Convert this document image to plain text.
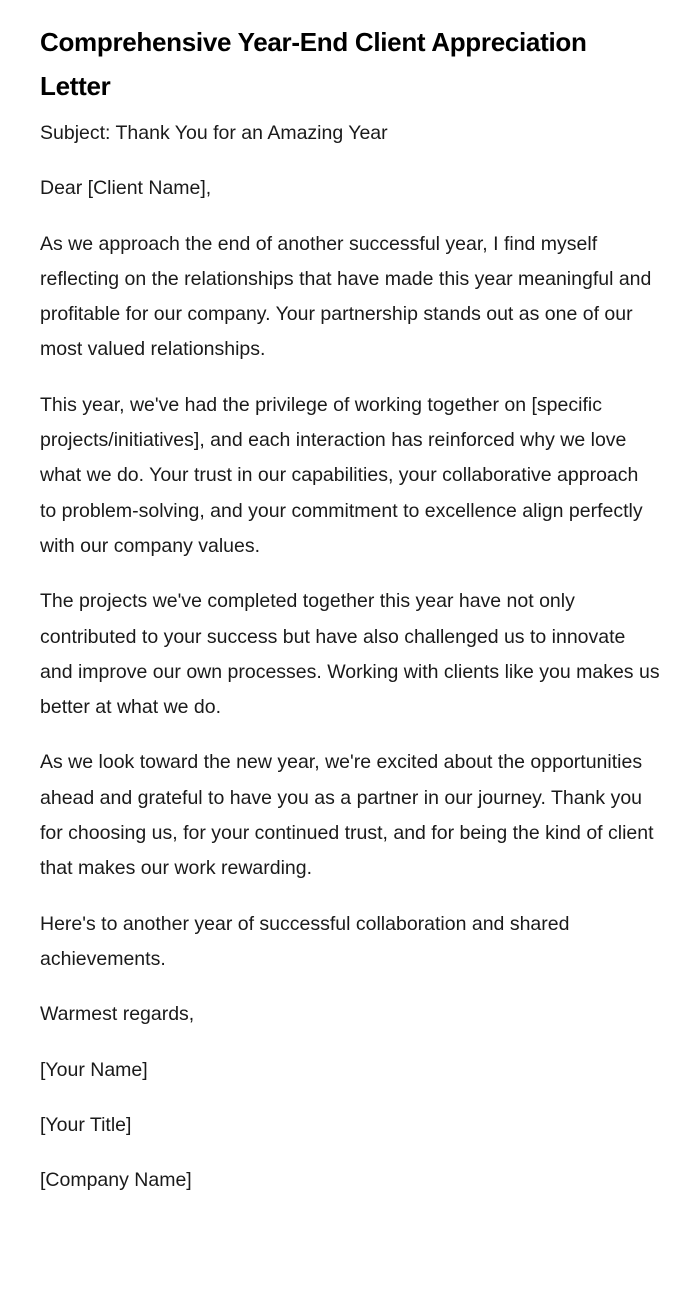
Comprehensive Year-End Client Appreciation Letter

Subject: Thank You for an Amazing Year

Dear [Client Name],

As we approach the end of another successful year, I find myself reflecting on the relationships that have made this year meaningful and profitable for our company. Your partnership stands out as one of our most valued relationships.

This year, we've had the privilege of working together on [specific projects/initiatives], and each interaction has reinforced why we love what we do. Your trust in our capabilities, your collaborative approach to problem-solving, and your commitment to excellence align perfectly with our company values.

The projects we've completed together this year have not only contributed to your success but have also challenged us to innovate and improve our own processes. Working with clients like you makes us better at what we do.

As we look toward the new year, we're excited about the opportunities ahead and grateful to have you as a partner in our journey. Thank you for choosing us, for your continued trust, and for being the kind of client that makes our work rewarding.

Here's to another year of successful collaboration and shared achievements.

Warmest regards,

[Your Name]

[Your Title]

[Company Name]
